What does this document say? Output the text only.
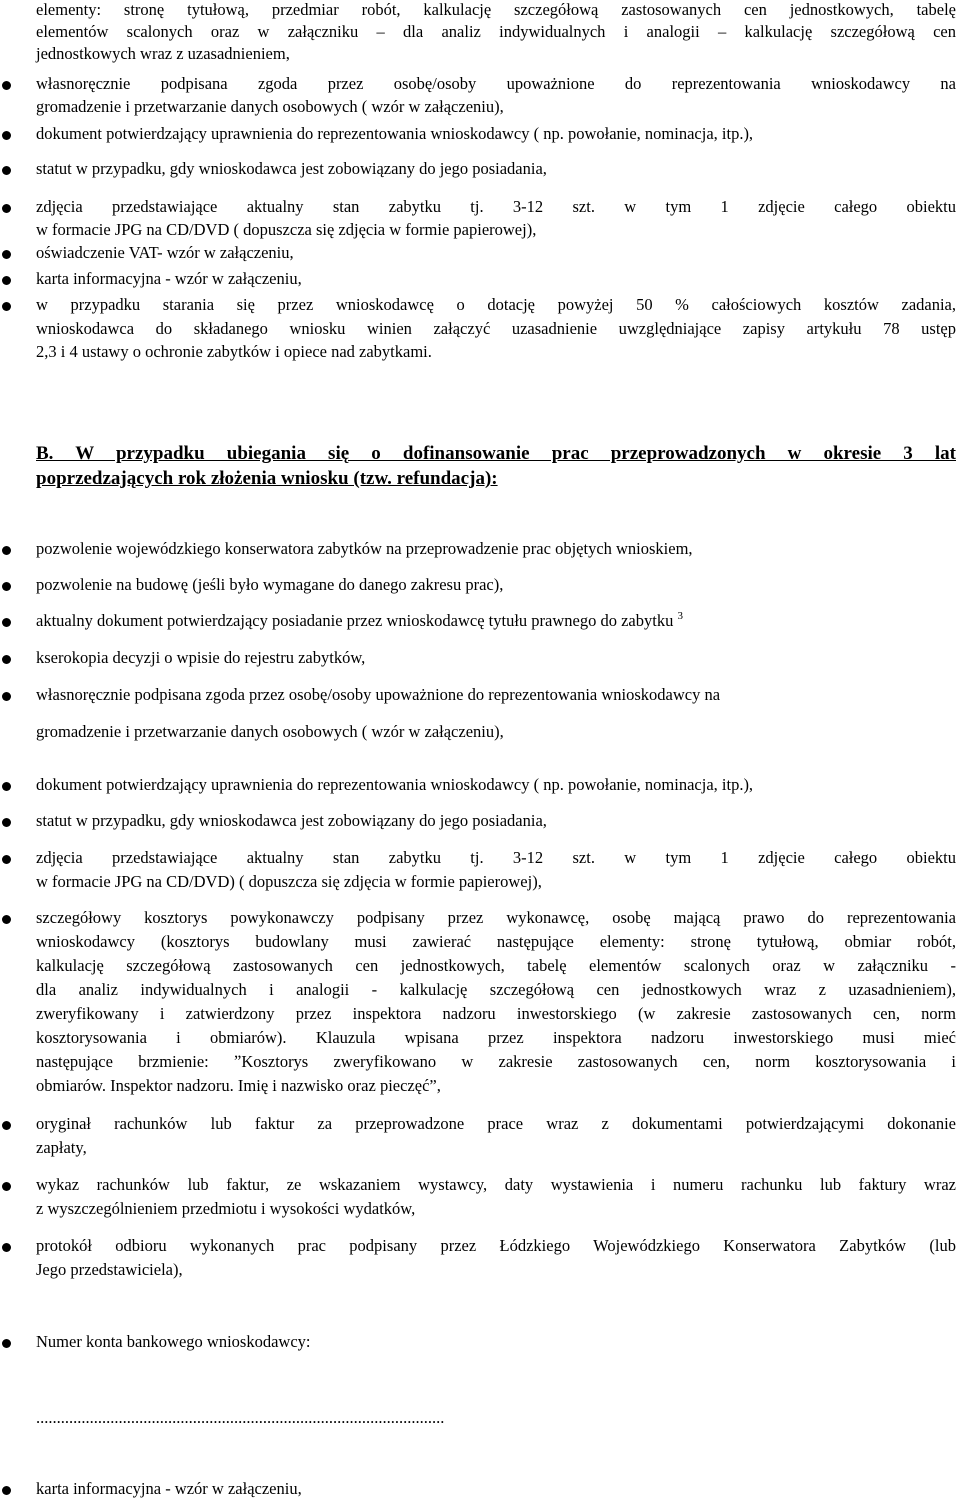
elementy: stronę tytułową, przedmiar robót, kalkulację szczegółową zastosowanych cen jednostkowych, tabelę
elementów scalonych oraz w załączniku – dla analiz indywidualnych i analogii – kalkulację szczegółową cen
jednostkowych wraz z uzasadnieniem,
własnoręcznie podpisana zgoda przez osobę/osoby upoważnione do reprezentowania wnioskodawcy na
gromadzenie i przetwarzanie danych osobowych ( wzór w załączeniu),
dokument potwierdzający uprawnienia do reprezentowania wnioskodawcy ( np. powołanie, nominacja, itp.),
statut w przypadku, gdy wnioskodawca jest zobowiązany do jego posiadania,
zdjęcia przedstawiające aktualny stan zabytku tj. 3-12 szt. w tym 1 zdjęcie całego obiektu
w formacie JPG na CD/DVD ( dopuszcza się zdjęcia w formie papierowej),
oświadczenie VAT- wzór w załączeniu,
karta informacyjna - wzór w załączeniu,
w przypadku starania się przez wnioskodawcę o dotację powyżej 50 % całościowych kosztów zadania,
wnioskodawca do składanego wniosku winien załączyć uzasadnienie uwzględniające zapisy artykułu 78 ustęp
2,3 i 4 ustawy o ochronie zabytków i opiece nad zabytkami.
B. W przypadku ubiegania się o dofinansowanie prac przeprowadzonych w okresie 3 lat
poprzedzających rok złożenia wniosku (tzw. refundacja):
pozwolenie wojewódzkiego konserwatora zabytków na przeprowadzenie prac objętych wnioskiem,
pozwolenie na budowę (jeśli było wymagane do danego zakresu prac),
aktualny dokument potwierdzający posiadanie przez wnioskodawcę tytułu prawnego do zabytku $^3$
kserokopia decyzji o wpisie do rejestru zabytków,
własnoręcznie podpisana zgoda przez osobę/osoby upoważnione do reprezentowania wnioskodawcy na
gromadzenie i przetwarzanie danych osobowych ( wzór w załączeniu),
dokument potwierdzający uprawnienia do reprezentowania wnioskodawcy ( np. powołanie, nominacja, itp.),
statut w przypadku, gdy wnioskodawca jest zobowiązany do jego posiadania,
zdjęcia przedstawiające aktualny stan zabytku tj. 3-12 szt. w tym 1 zdjęcie całego obiektu
w formacie JPG na CD/DVD) ( dopuszcza się zdjęcia w formie papierowej),
szczegółowy kosztorys powykonawczy podpisany przez wykonawcę, osobę mającą prawo do reprezentowania
wnioskodawcy (kosztorys budowlany musi zawierać następujące elementy: stronę tytułową, obmiar robót,
kalkulację szczegółową zastosowanych cen jednostkowych, tabelę elementów scalonych oraz w załączniku -
dla analiz indywidualnych i analogii - kalkulację szczegółową cen jednostkowych wraz z uzasadnieniem),
zweryfikowany i zatwierdzony przez inspektora nadzoru inwestorskiego (w zakresie zastosowanych cen, norm
kosztorysowania i obmiarów). Klauzula wpisana przez inspektora nadzoru inwestorskiego musi mieć
następujące brzmienie: ˮKosztorys zweryfikowano w zakresie zastosowanych cen, norm kosztorysowania i
obmiarów. Inspektor nadzoru. Imię i nazwisko oraz pieczęć”,
oryginał rachunków lub faktur za przeprowadzone prace wraz z dokumentami potwierdzającymi dokonanie
zapłaty,
wykaz rachunków lub faktur, ze wskazaniem wystawcy, daty wystawienia i numeru rachunku lub faktury wraz
z wyszczególnieniem przedmiotu i wysokości wydatków,
protokół odbioru wykonanych prac podpisany przez Łódzkiego Wojewódzkiego Konserwatora Zabytków (lub
Jego przedstawiciela),
Numer konta bankowego wnioskodawcy:
...................................................................................................
karta informacyjna - wzór w załączeniu,
